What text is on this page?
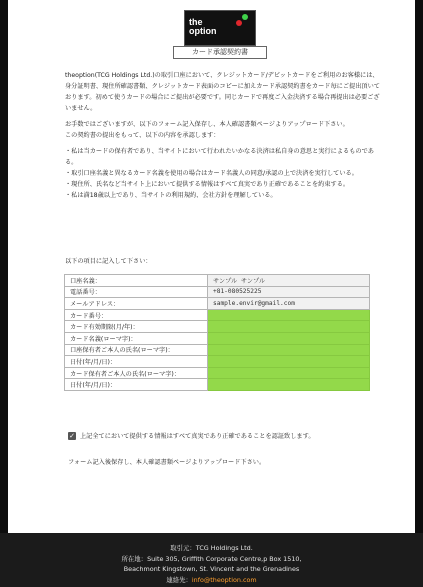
the
option
カード承認契約書

theoption(TCG Holdings Ltd.)の取引口座において、クレジットカード/デビットカードをご利用のお客様には、身分証明書、現住所確認書類、クレジットカード表面のコピーに加えカード承認契約書をカード毎にご提出頂いております。初めて使うカードの場合にご提出が必要です。同じカードで再度ご入金決済する場合再提出は必要ございません。

お手数ではございますが、以下のフォーム記入保存し、本人確認書類ページよりアップロード下さい。

この契約書の提出をもって、以下の内容を承認します：

・私は当カードの保有者であり、当サイトにおいて行われたいかなる決済は私自身の意思と実行によるものである。

・取引口座名義と異なるカード名義を使用の場合はカード名義人の同意/承認の上で決済を実行している。

・現住所、氏名など当サイト上において提供する情報はすべて真実であり正確であることを約束する。

・私は満18歳以上であり、当サイトの利用規約、会社方針を理解している。

以下の項目に記入して下さい：
口座名義：	サンプル サンプル
電話番号：	+81-080525225
メールアドレス：	sample.envir@gmail.com
カード番号：	
カード有効期限(月/年)：	
カード名義(ローマ字)：	
口座保有者ご本人の氏名(ローマ字)：	
日付(年/月/日)：	
カード保有者ご本人の氏名(ローマ字)：	
日付(年/月/日)：	
✓ 上記全てにおいて提供する情報はすべて真実であり正確であることを認証致します。
フォーム記入後保存し、本人確認書類ページよりアップロード下さい。
取引元：TCG Holdings Ltd.
所在地：Suite 305, Griffith Corporate Centre,p Box 1510,
Beachmont Kingstown, St. Vincent and the Grenadines
連絡先：info@theoption.com
